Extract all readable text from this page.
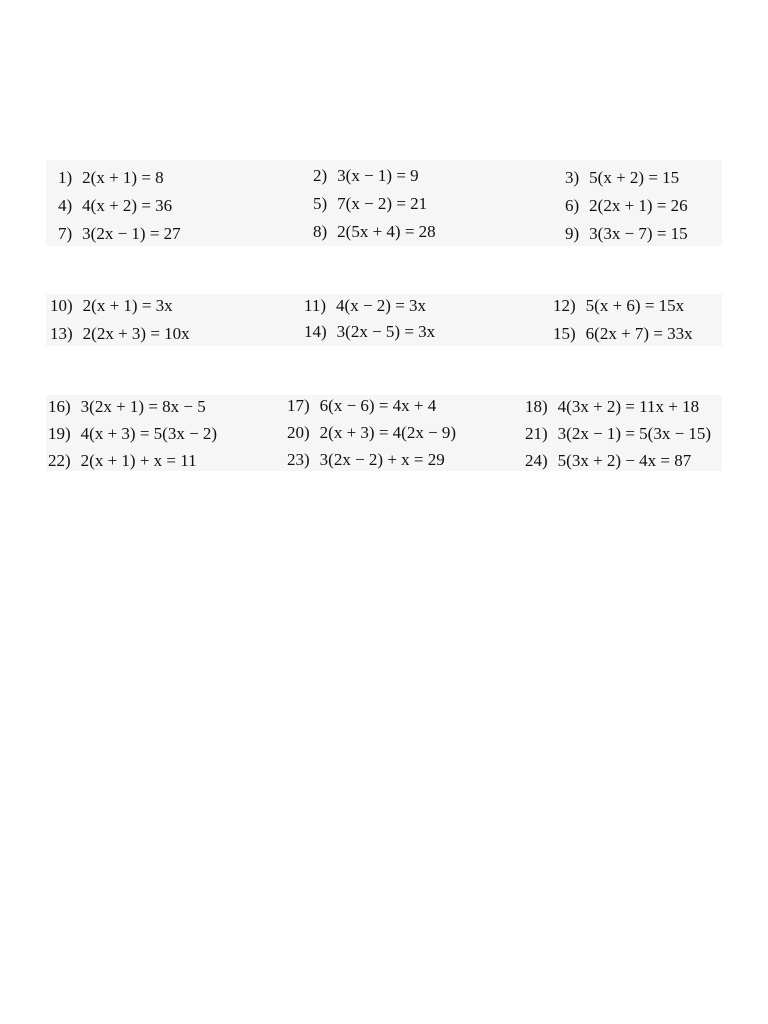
1) 2(x + 1) = 8	2) 3(x − 1) = 9	3) 5(x + 2) = 15
4) 4(x + 2) = 36	5) 7(x − 2) = 21	6) 2(2x + 1) = 26
7) 3(2x − 1) = 27	8) 2(5x + 4) = 28	9) 3(3x − 7) = 15
10) 2(x + 1) = 3x	11) 4(x − 2) = 3x	12) 5(x + 6) = 15x
13) 2(2x + 3) = 10x	14) 3(2x − 5) = 3x	15) 6(2x + 7) = 33x
16) 3(2x + 1) = 8x − 5	17) 6(x − 6) = 4x + 4	18) 4(3x + 2) = 11x + 18
19) 4(x + 3) = 5(3x − 2)	20) 2(x + 3) = 4(2x − 9)	21) 3(2x − 1) = 5(3x − 15)
22) 2(x + 1) + x = 11	23) 3(2x − 2) + x = 29	24) 5(3x + 2) − 4x = 87
